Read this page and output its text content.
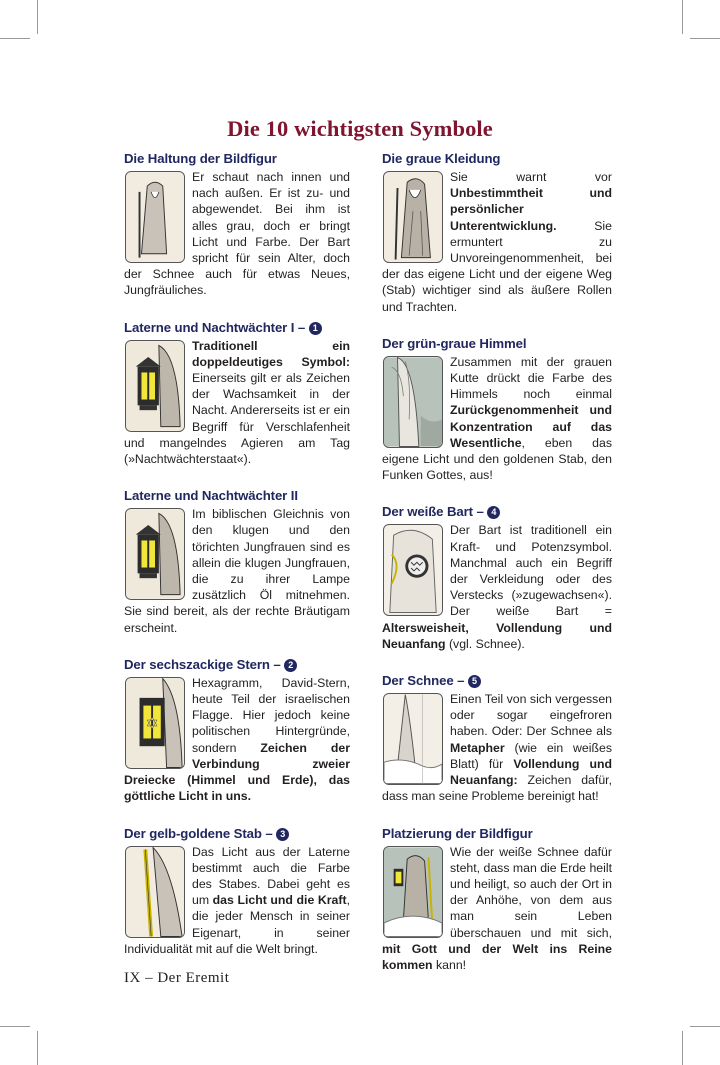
Die 10 wichtigsten Symbole
Die Haltung der Bildfigur

Er schaut nach innen und nach außen. Er ist zu- und abgewendet. Bei ihm ist alles grau, doch er bringt Licht und Farbe. Der Bart spricht für sein Alter, doch der Schnee auch für etwas Neues, Jungfräuliches.

Laterne und Nachtwächter I – 1

Traditionell ein doppeldeutiges Symbol: Einerseits gilt er als Zeichen der Wachsamkeit in der Nacht. Andererseits ist er ein Begriff für Verschlafenheit und mangelndes Agieren am Tag (»Nachtwächterstaat«).

Laterne und Nachtwächter II

Im biblischen Gleichnis von den klugen und den törichten Jungfrauen sind es allein die klugen Jungfrauen, die zu ihrer Lampe zusätzlich Öl mitnehmen. Sie sind bereit, als der rechte Bräutigam erscheint.

Der sechszackige Stern – 2

Hexagramm, David-Stern, heute Teil der israelischen Flagge. Hier jedoch keine politischen Hintergründe, sondern Zeichen der Verbindung zweier Dreiecke (Himmel und Erde), das göttliche Licht in uns.

Der gelb-goldene Stab – 3

Das Licht aus der Laterne bestimmt auch die Farbe des Stabes. Dabei geht es um das Licht und die Kraft, die jeder Mensch in seiner Eigenart, in seiner Individualität mit auf die Welt bringt.

Die graue Kleidung

Sie warnt vor Unbestimmtheit und persönlicher Unterentwicklung. Sie ermuntert zu Unvoreingenommenheit, bei der das eigene Licht und der eigene Weg (Stab) wichtiger sind als äußere Rollen und Trachten.

Der grün-graue Himmel

Zusammen mit der grauen Kutte drückt die Farbe des Himmels noch einmal Zurückgenommenheit und Konzentration auf das Wesentliche, eben das eigene Licht und den goldenen Stab, den Funken Gottes, aus!

Der weiße Bart – 4

Der Bart ist traditionell ein Kraft- und Potenzsymbol. Manchmal auch ein Begriff der Verkleidung oder des Verstecks (»zugewachsen«). Der weiße Bart = Altersweisheit, Vollendung und Neuanfang (vgl. Schnee).

Der Schnee – 5

Einen Teil von sich vergessen oder sogar eingefroren haben. Oder: Der Schnee als Metapher (wie ein weißes Blatt) für Vollendung und Neuanfang: Zeichen dafür, dass man seine Probleme bereinigt hat!

Platzierung der Bildfigur

Wie der weiße Schnee dafür steht, dass man die Erde heilt und heiligt, so auch der Ort in der Anhöhe, von dem aus man sein Leben überschauen und mit sich, mit Gott und der Welt ins Reine kommen kann!

IX – Der Eremit
